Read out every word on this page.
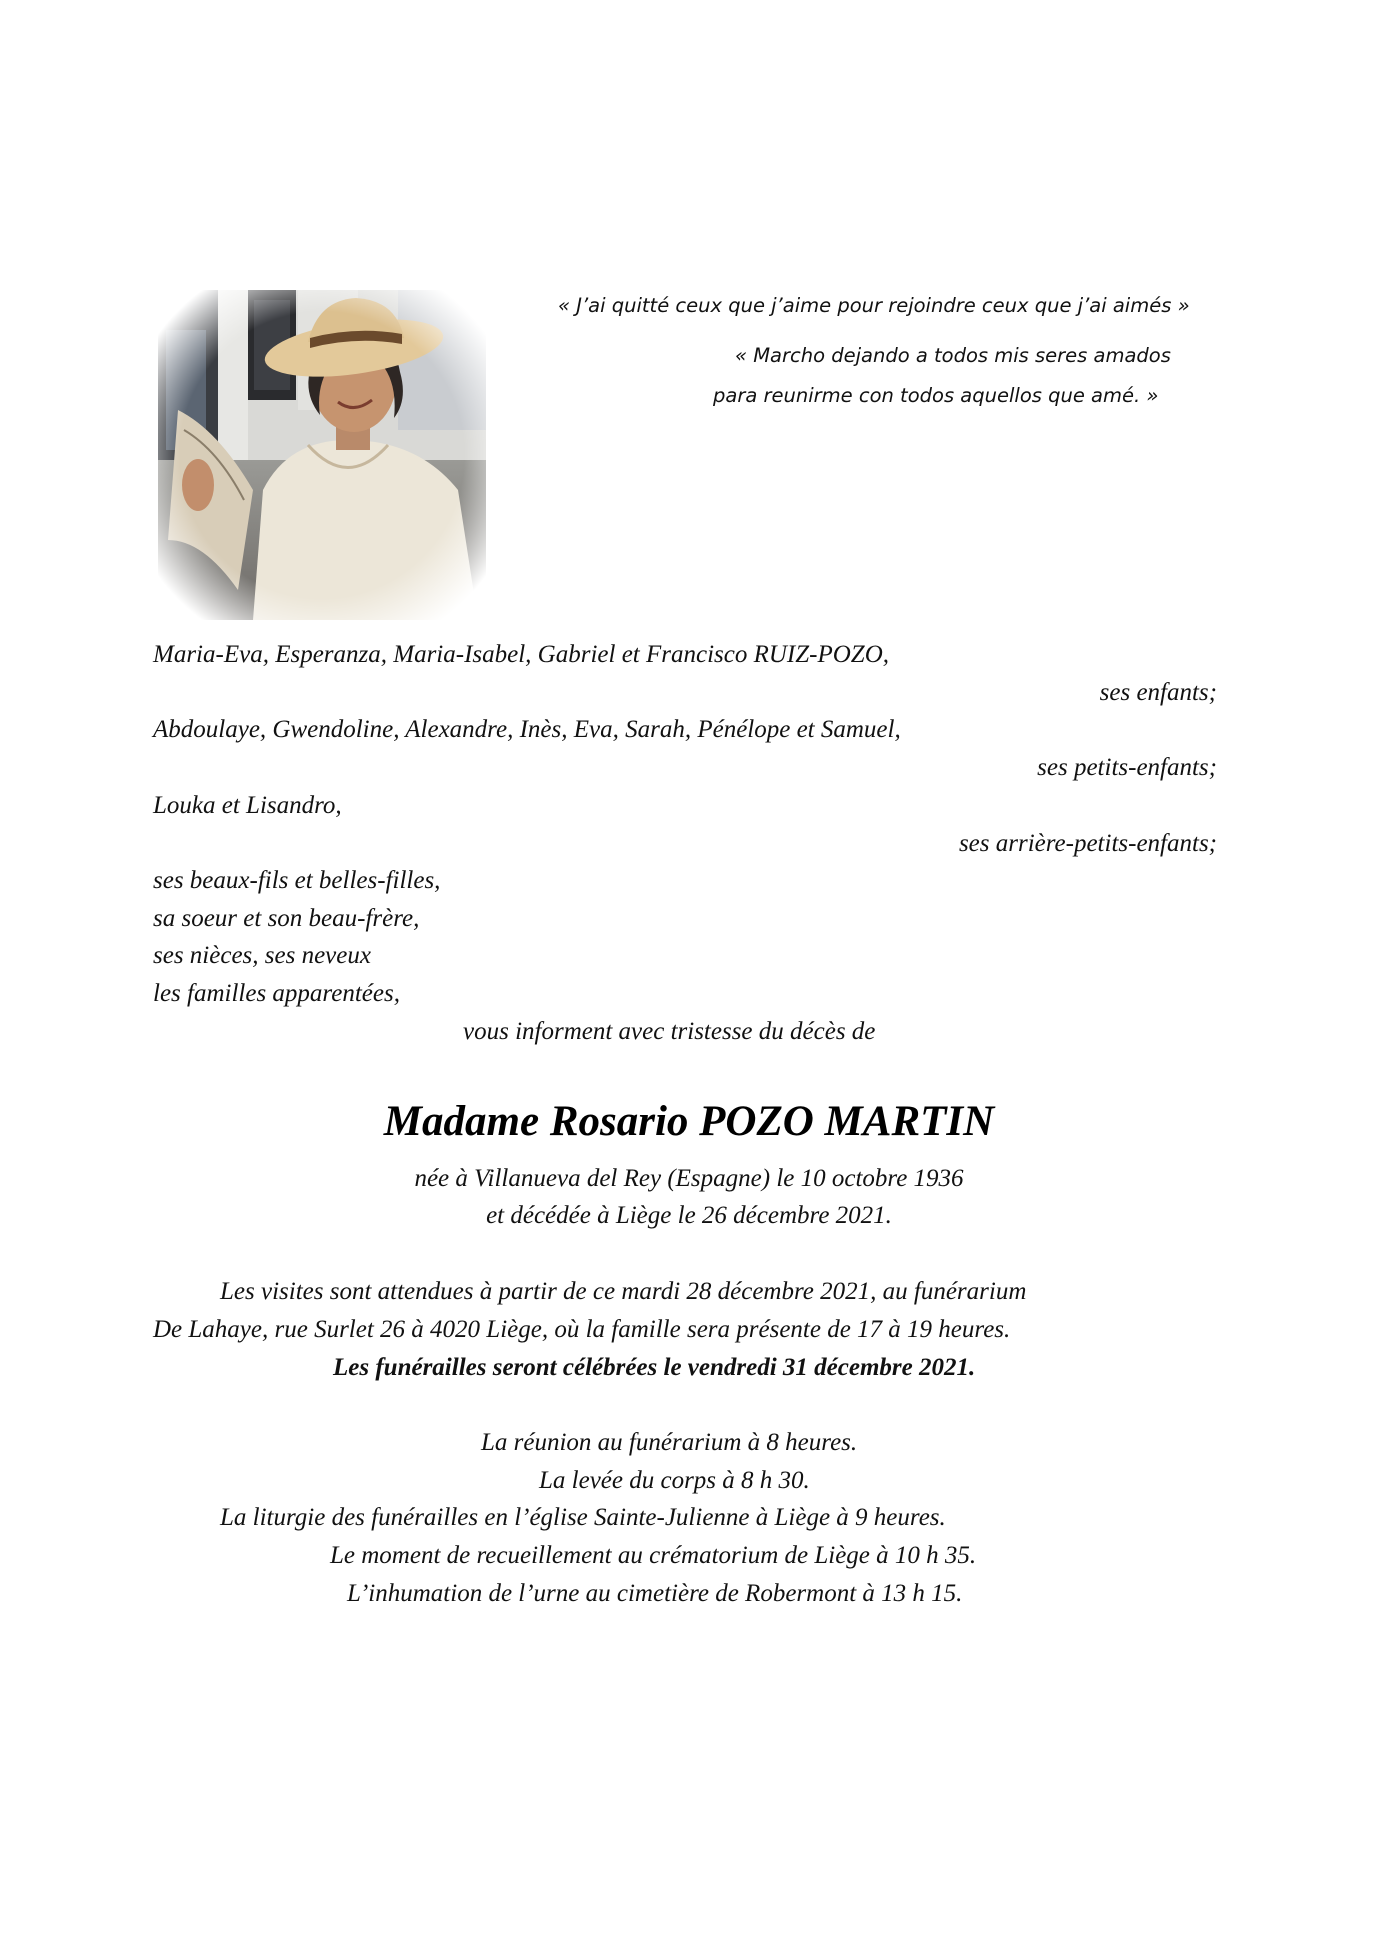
« J’ai quitté ceux que j’aime pour rejoindre ceux que j’ai aimés »
« Marcho dejando a todos mis seres amados
para reunirme con todos aquellos que amé. »
Maria-Eva, Esperanza, Maria-Isabel, Gabriel et Francisco RUIZ-POZO,
ses enfants;
Abdoulaye, Gwendoline, Alexandre, Inès, Eva, Sarah, Pénélope et Samuel,
ses petits-enfants;
Louka et Lisandro,
ses arrière-petits-enfants;
ses beaux-fils et belles-filles,
sa soeur et son beau-frère,
ses nièces, ses neveux
les familles apparentées,
vous informent avec tristesse du décès de
Madame Rosario POZO MARTIN
née à Villanueva del Rey (Espagne) le 10 octobre 1936
et décédée à Liège le 26 décembre 2021.
Les visites sont attendues à partir de ce mardi 28 décembre 2021, au funérarium
De Lahaye, rue Surlet 26 à 4020 Liège, où la famille sera présente de 17 à 19 heures.
Les funérailles seront célébrées le vendredi 31 décembre 2021.
La réunion au funérarium à 8 heures.
La levée du corps à 8 h 30.
La liturgie des funérailles en l’église Sainte-Julienne à Liège à 9 heures.
Le moment de recueillement au crématorium de Liège à 10 h 35.
L’inhumation de l’urne au cimetière de Robermont à 13 h 15.
